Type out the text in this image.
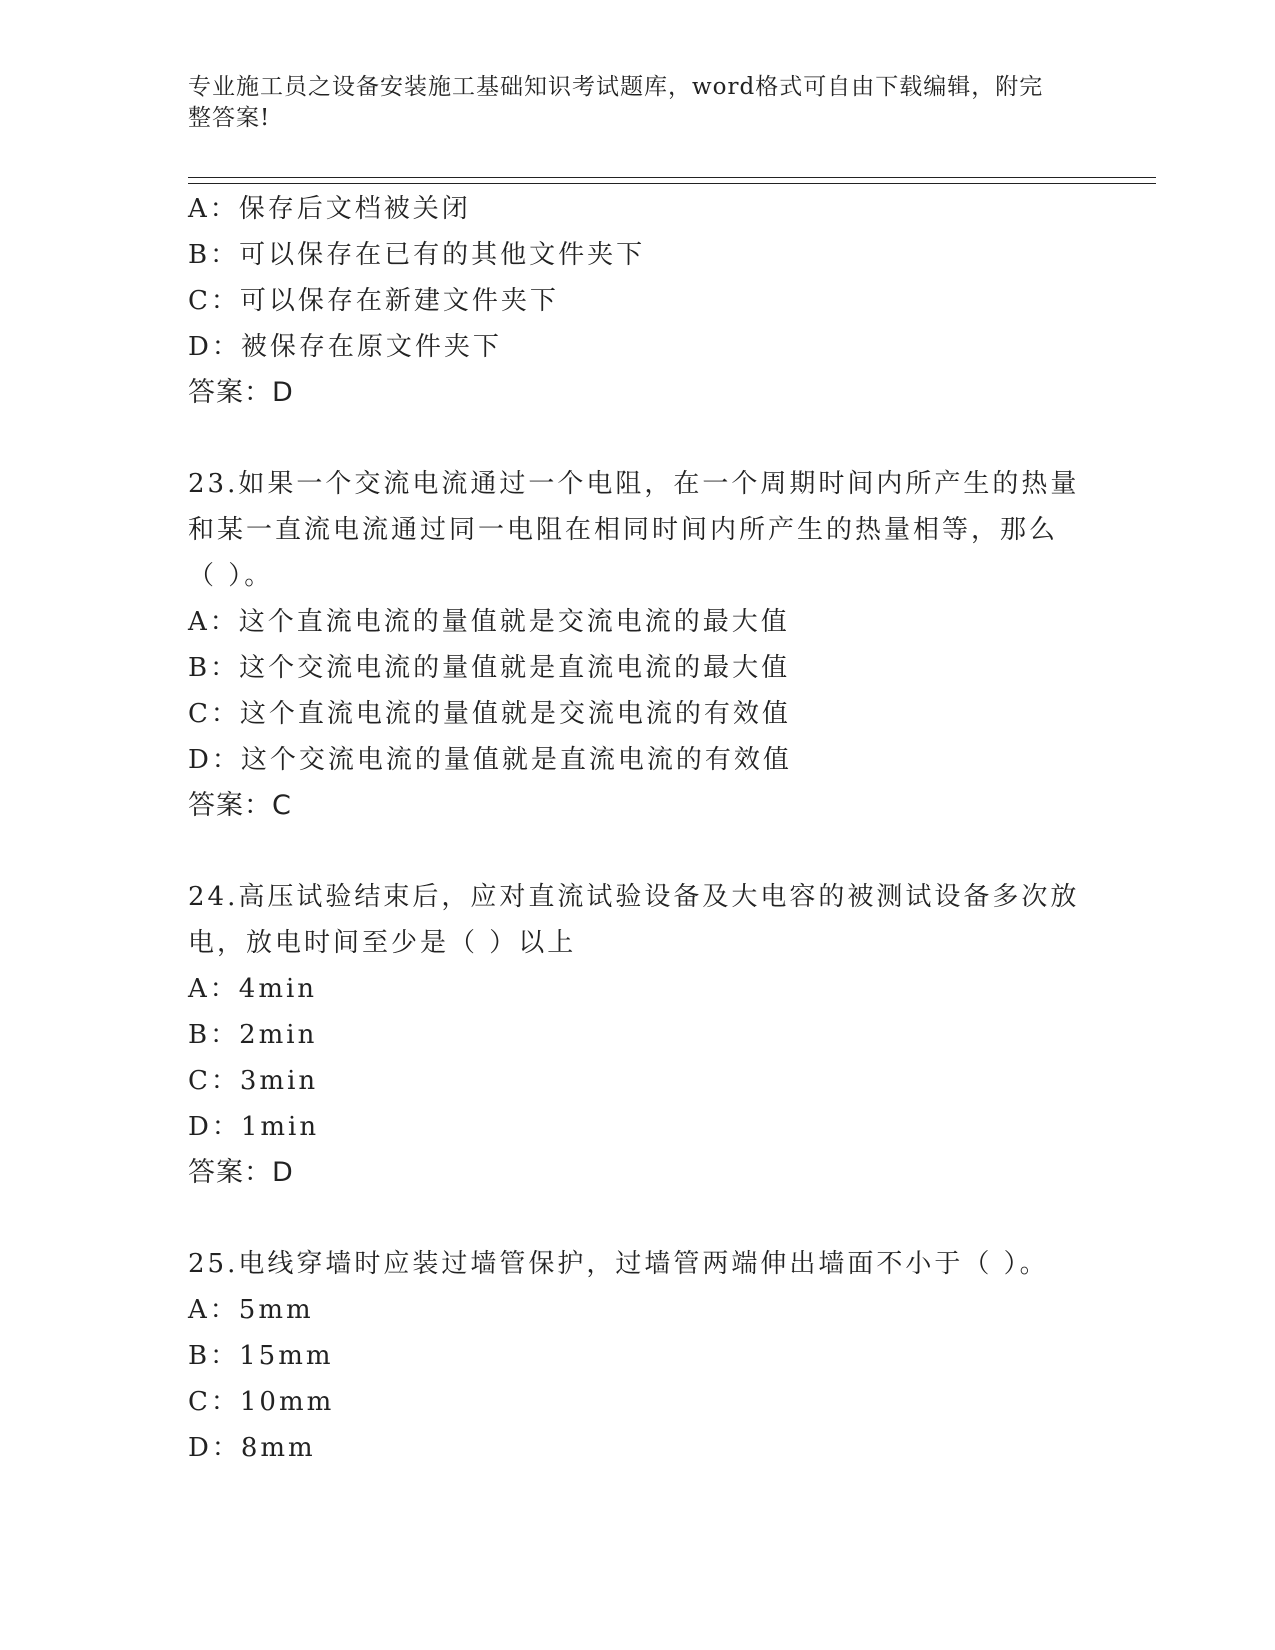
专业施工员之设备安装施工基础知识考试题库，word格式可自由下载编辑，附完
整答案!
A：保存后文档被关闭
B：可以保存在已有的其他文件夹下
C：可以保存在新建文件夹下
D：被保存在原文件夹下
答案：D
23.如果一个交流电流通过一个电阻，在一个周期时间内所产生的热量
和某一直流电流通过同一电阻在相同时间内所产生的热量相等，那么
（ ）。
A：这个直流电流的量值就是交流电流的最大值
B：这个交流电流的量值就是直流电流的最大值
C：这个直流电流的量值就是交流电流的有效值
D：这个交流电流的量值就是直流电流的有效值
答案：C
24.高压试验结束后，应对直流试验设备及大电容的被测试设备多次放
电，放电时间至少是（ ）以上
A：4min
B：2min
C：3min
D：1min
答案：D
25.电线穿墙时应装过墙管保护，过墙管两端伸出墙面不小于（ ）。
A：5mm
B：15mm
C：10mm
D：8mm
